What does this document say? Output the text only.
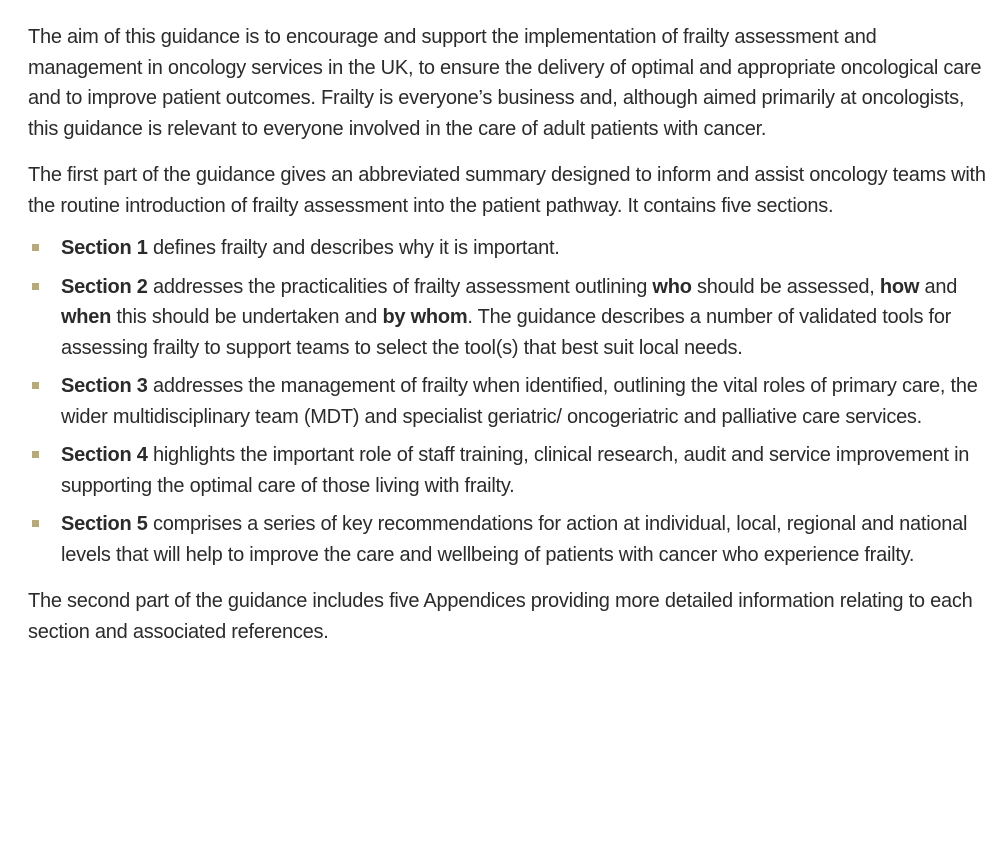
The aim of this guidance is to encourage and support the implementation of frailty assessment and management in oncology services in the UK, to ensure the delivery of optimal and appropriate oncological care and to improve patient outcomes. Frailty is everyone’s business and, although aimed primarily at oncologists, this guidance is relevant to everyone involved in the care of adult patients with cancer.

The first part of the guidance gives an abbreviated summary designed to inform and assist oncology teams with the routine introduction of frailty assessment into the patient pathway. It contains five sections.

Section 1 defines frailty and describes why it is important.
Section 2 addresses the practicalities of frailty assessment outlining who should be assessed, how and when this should be undertaken and by whom. The guidance describes a number of validated tools for assessing frailty to support teams to select the tool(s) that best suit local needs.
Section 3 addresses the management of frailty when identified, outlining the vital roles of primary care, the wider multidisciplinary team (MDT) and specialist geriatric/ oncogeriatric and palliative care services.
Section 4 highlights the important role of staff training, clinical research, audit and service improvement in supporting the optimal care of those living with frailty.
Section 5 comprises a series of key recommendations for action at individual, local, regional and national levels that will help to improve the care and wellbeing of patients with cancer who experience frailty.

The second part of the guidance includes five Appendices providing more detailed information relating to each section and associated references.
